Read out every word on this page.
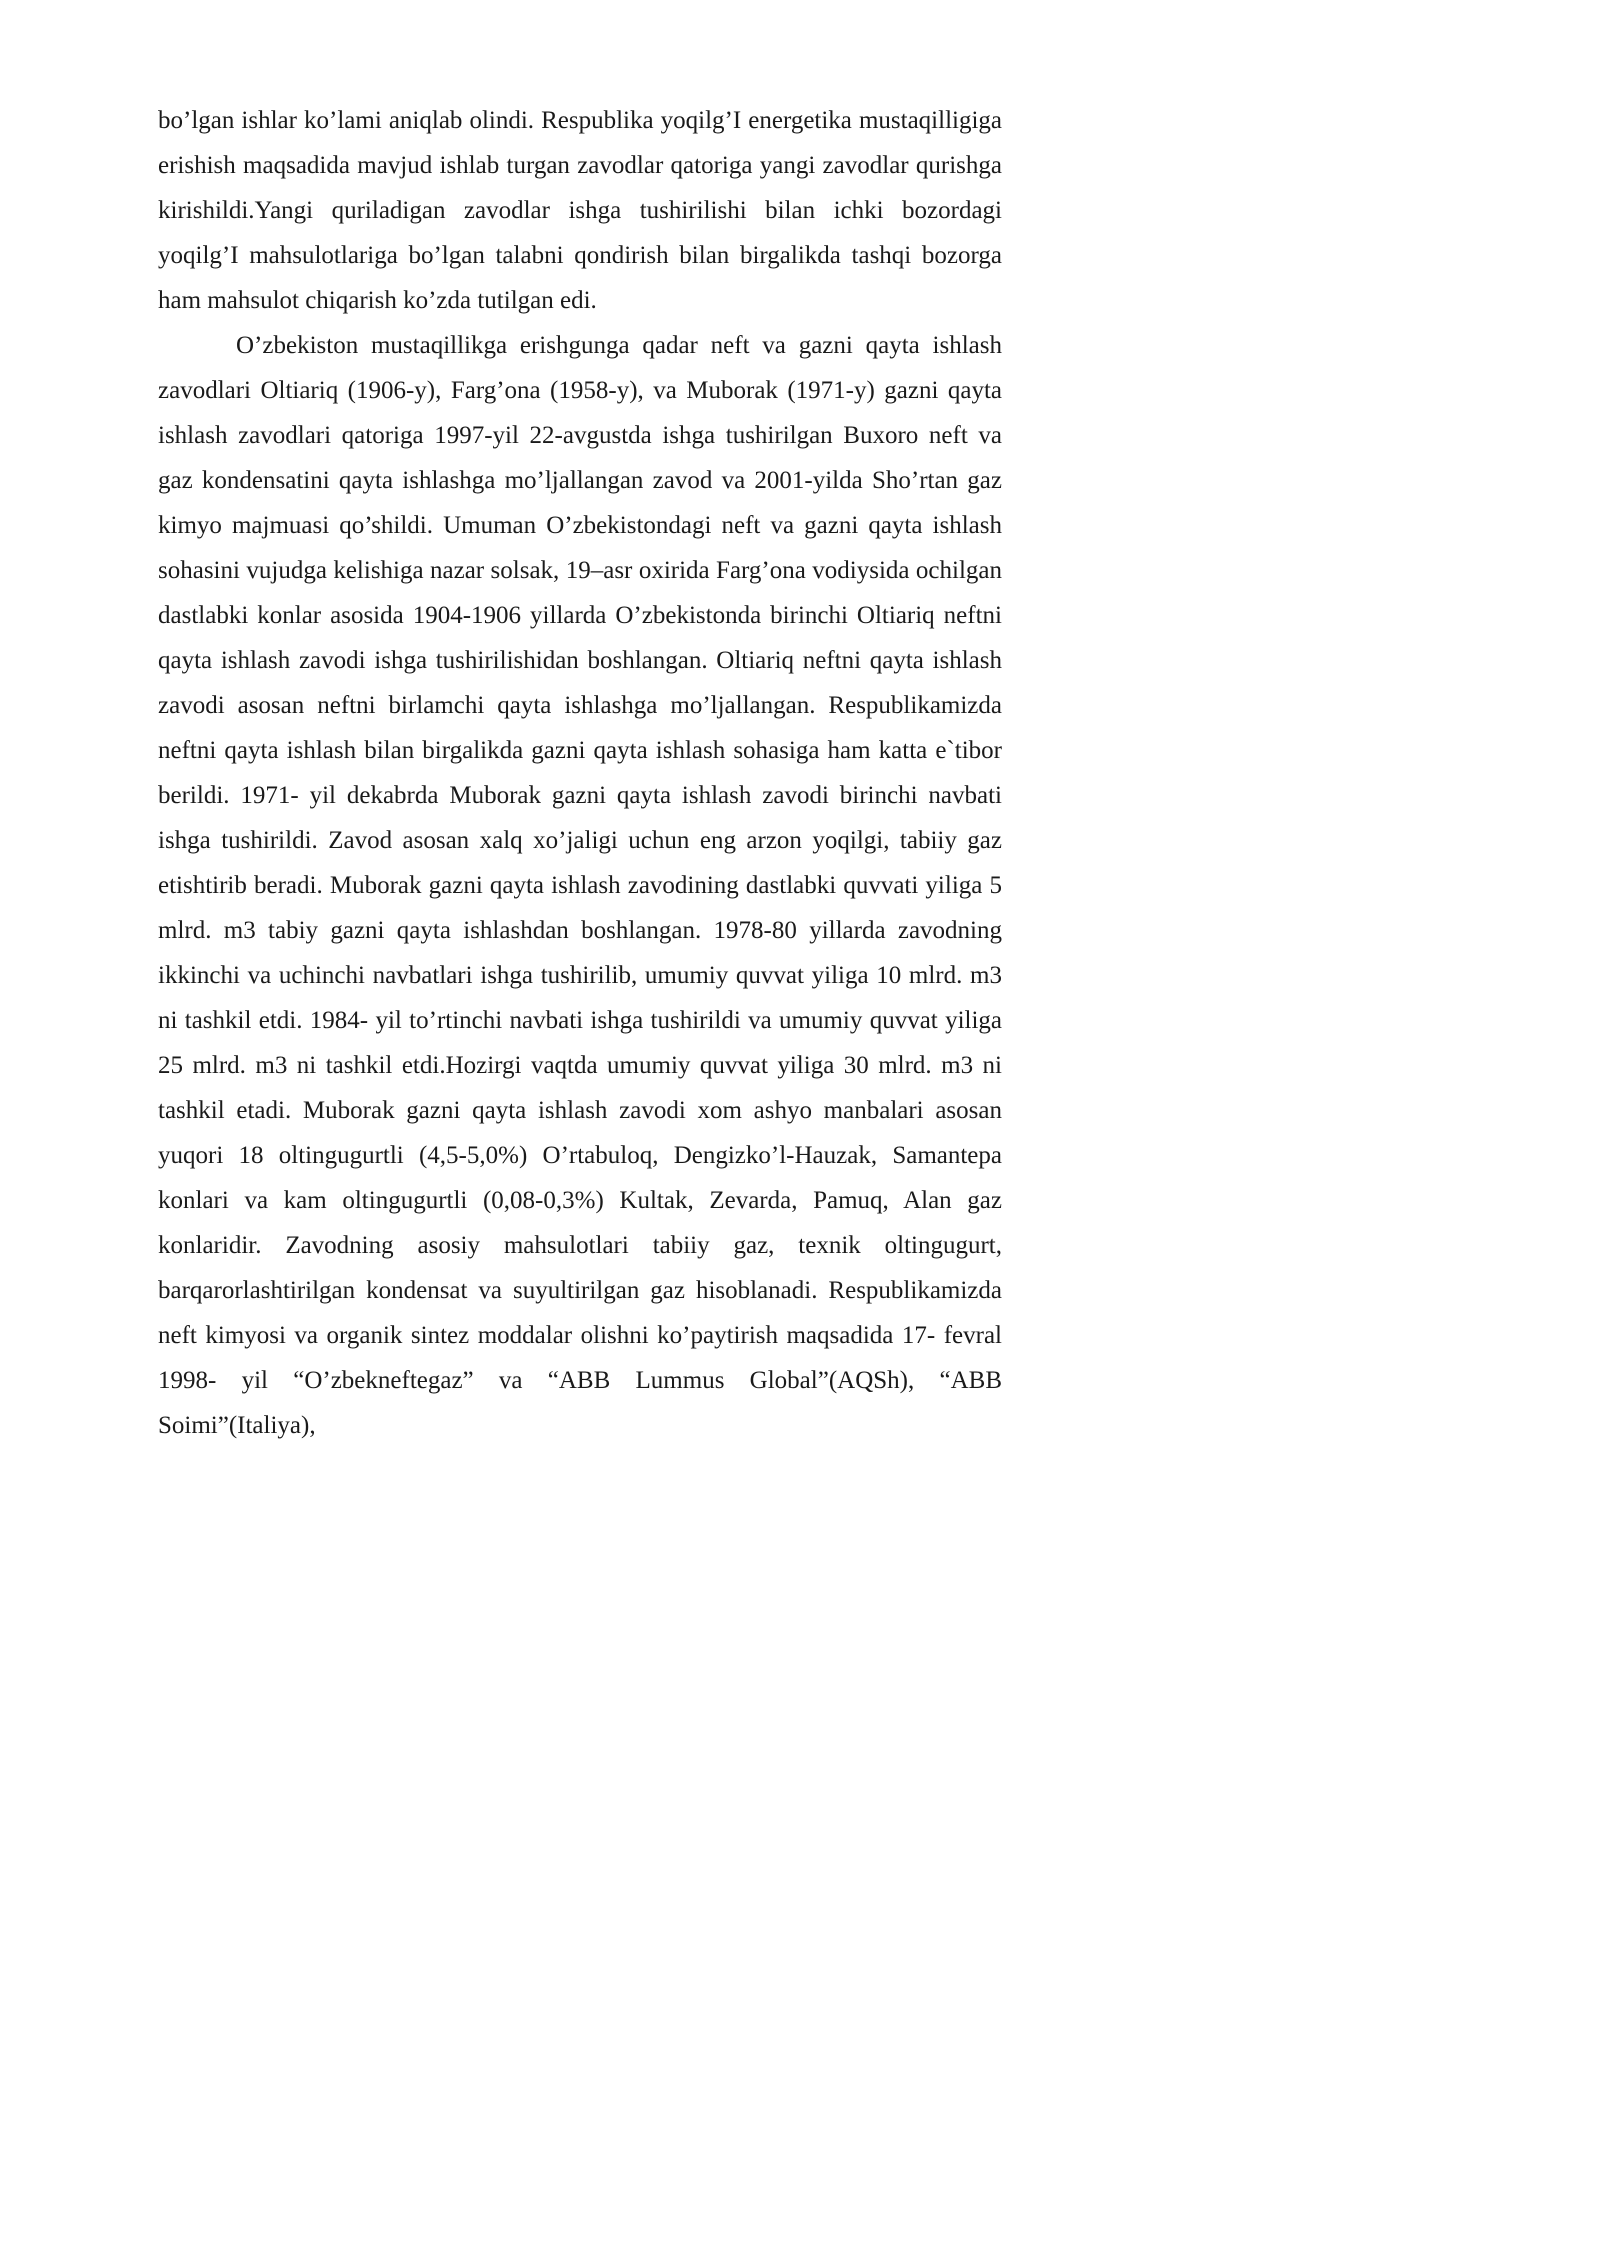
bo’lgan ishlar ko’lami aniqlab olindi. Respublika yoqilg’I energetika mustaqilligiga erishish maqsadida mavjud ishlab turgan zavodlar qatoriga yangi zavodlar qurishga kirishildi.Yangi quriladigan zavodlar ishga tushirilishi bilan ichki bozordagi yoqilg’I mahsulotlariga bo’lgan talabni qondirish bilan birgalikda tashqi bozorga ham mahsulot chiqarish ko’zda tutilgan edi.

O’zbekiston mustaqillikga erishgunga qadar neft va gazni qayta ishlash zavodlari Oltiariq (1906-y), Farg’ona (1958-y), va Muborak (1971-y) gazni qayta ishlash zavodlari qatoriga 1997-yil 22-avgustda ishga tushirilgan Buxoro neft va gaz kondensatini qayta ishlashga mo’ljallangan zavod va 2001-yilda Sho’rtan gaz kimyo majmuasi qo’shildi. Umuman O’zbekistondagi neft va gazni qayta ishlash sohasini vujudga kelishiga nazar solsak, 19–asr oxirida Farg’ona vodiysida ochilgan dastlabki konlar asosida 1904-1906 yillarda O’zbekistonda birinchi Oltiariq neftni qayta ishlash zavodi ishga tushirilishidan boshlangan. Oltiariq neftni qayta ishlash zavodi asosan neftni birlamchi qayta ishlashga mo’ljallangan. Respublikamizda neftni qayta ishlash bilan birgalikda gazni qayta ishlash sohasiga ham katta e`tibor berildi. 1971- yil dekabrda Muborak gazni qayta ishlash zavodi birinchi navbati ishga tushirildi. Zavod asosan xalq xo’jaligi uchun eng arzon yoqilgi, tabiiy gaz etishtirib beradi. Muborak gazni qayta ishlash zavodining dastlabki quvvati yiliga 5 mlrd. m3 tabiy gazni qayta ishlashdan boshlangan. 1978-80 yillarda zavodning ikkinchi va uchinchi navbatlari ishga tushirilib, umumiy quvvat yiliga 10 mlrd. m3 ni tashkil etdi. 1984- yil to’rtinchi navbati ishga tushirildi va umumiy quvvat yiliga 25 mlrd. m3 ni tashkil etdi.Hozirgi vaqtda umumiy quvvat yiliga 30 mlrd. m3 ni tashkil etadi. Muborak gazni qayta ishlash zavodi xom ashyo manbalari asosan yuqori 18 oltingugurtli (4,5-5,0%) O’rtabuloq, Dengizko’l-Hauzak, Samantepa konlari va kam oltingugurtli (0,08-0,3%) Kultak, Zevarda, Pamuq, Alan gaz konlaridir. Zavodning asosiy mahsulotlari tabiiy gaz, texnik oltingugurt, barqarorlashtirilgan kondensat va suyultirilgan gaz hisoblanadi. Respublikamizda neft kimyosi va organik sintez moddalar olishni ko’paytirish maqsadida 17- fevral 1998- yil “O’zbekneftegaz” va “ABB Lummus Global”(AQSh), “ABB Soimi”(Italiya),
